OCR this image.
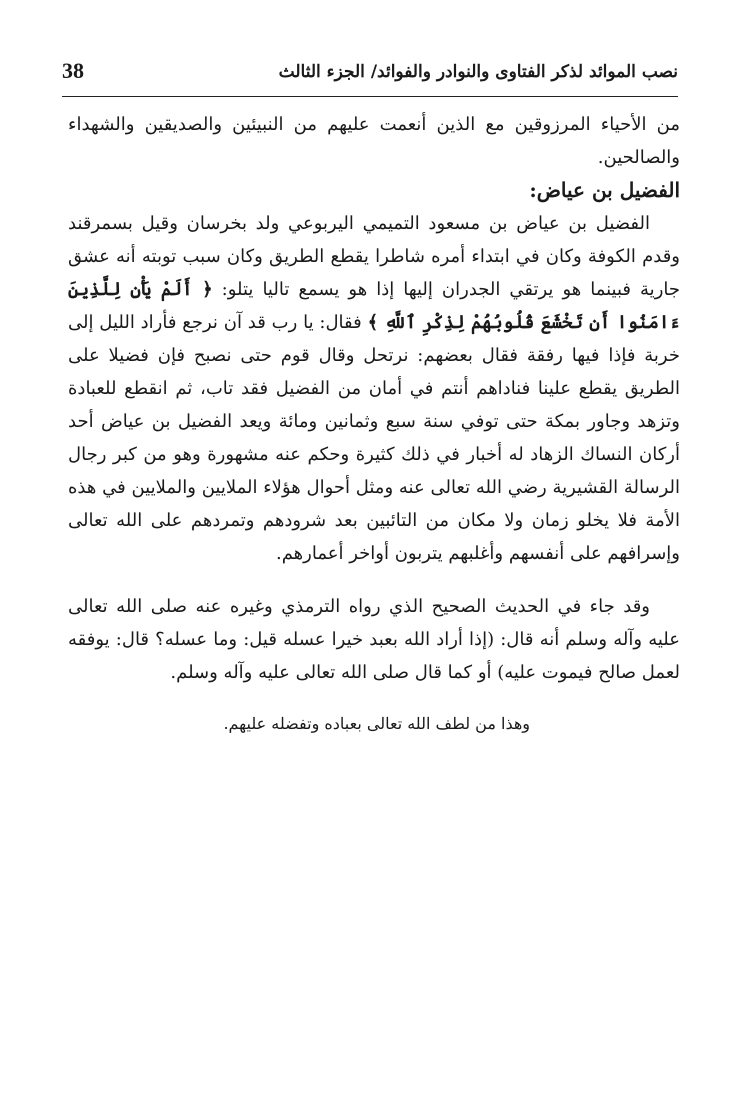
38	نصب الموائد لذكر الفتاوى والنوادر والفوائد/ الجزء الثالث

من الأحياء المرزوقين مع الذين أنعمت عليهم من النبيئين والصديقين والشهداء والصالحين.

الفضيل بن عياض:

الفضيل بن عياض بن مسعود التميمي اليربوعي ولد بخرسان وقيل بسمرقند وقدم الكوفة وكان في ابتداء أمره شاطرا يقطع الطريق وكان سبب توبته أنه عشق جارية فبينما هو يرتقي الجدران إليها إذا هو يسمع تاليا يتلو: ﴿ أَلَمْ يَأْنِ لِلَّذِينَ ءَامَنُوا أَن تَخْشَعَ قُلُوبُهُمْ لِذِكْرِ ٱللَّهِ ﴾ فقال: يا رب قد آن نرجع فأراد الليل إلى خربة فإذا فيها رفقة فقال بعضهم: نرتحل وقال قوم حتى نصبح فإن فضيلا على الطريق يقطع علينا فناداهم أنتم في أمان من الفضيل فقد تاب، ثم انقطع للعبادة وتزهد وجاور بمكة حتى توفي سنة سبع وثمانين ومائة ويعد الفضيل بن عياض أحد أركان النساك الزهاد له أخبار في ذلك كثيرة وحكم عنه مشهورة وهو من كبر رجال الرسالة القشيرية رضي الله تعالى عنه ومثل أحوال هؤلاء الملايين والملايين في هذه الأمة فلا يخلو زمان ولا مكان من التائبين بعد شرودهم وتمردهم على الله تعالى وإسرافهم على أنفسهم وأغلبهم يتربون أواخر أعمارهم.

وقد جاء في الحديث الصحيح الذي رواه الترمذي وغيره عنه صلى الله تعالى عليه وآله وسلم أنه قال: (إذا أراد الله بعبد خيرا عسله قيل: وما عسله؟ قال: يوفقه لعمل صالح فيموت عليه) أو كما قال صلى الله تعالى عليه وآله وسلم.

وهذا من لطف الله تعالى بعباده وتفضله عليهم.
